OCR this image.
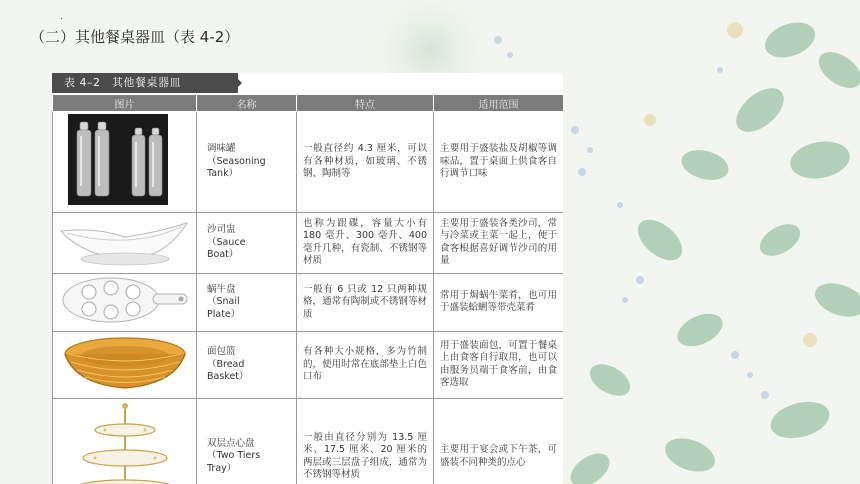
·
（二）其他餐桌器皿（表 4-2）
表 4–2　其他餐桌器皿
图片	名称	特点	适用范围
	调味罐
（Seasoning
Tank）	一般直径约 4.3 厘米，可以有各种材质，如玻璃、不锈钢、陶制等	主要用于盛装盐及胡椒等调味品，置于桌面上供食客自行调节口味
	沙司盅
（Sauce
Boat）	也称为跟碟，容量大小有 180 毫升、300 毫升、400 毫升几种，有瓷制、不锈钢等材质	主要用于盛装各类沙司，常与冷菜或主菜一起上，便于食客根据喜好调节沙司的用量
	蜗牛盘
（Snail
Plate）	一般有 6 只或 12 只两种规格，通常有陶制或不锈钢等材质	常用于焗蜗牛菜肴，也可用于盛装蛤蜊等带壳菜肴
	面包篮
（Bread
Basket）	有各种大小规格，多为竹制的，使用时常在底部垫上白色口布	用于盛装面包，可置于餐桌上由食客自行取用，也可以由服务员端于食客前，由食客选取
	双层点心盘
（Two Tiers
Tray）	一般由直径分别为 13.5 厘米、17.5 厘米、20 厘米的两层或三层盘子组成，通常为不锈钢等材质	主要用于宴会或下午茶，可盛装不同种类的点心
